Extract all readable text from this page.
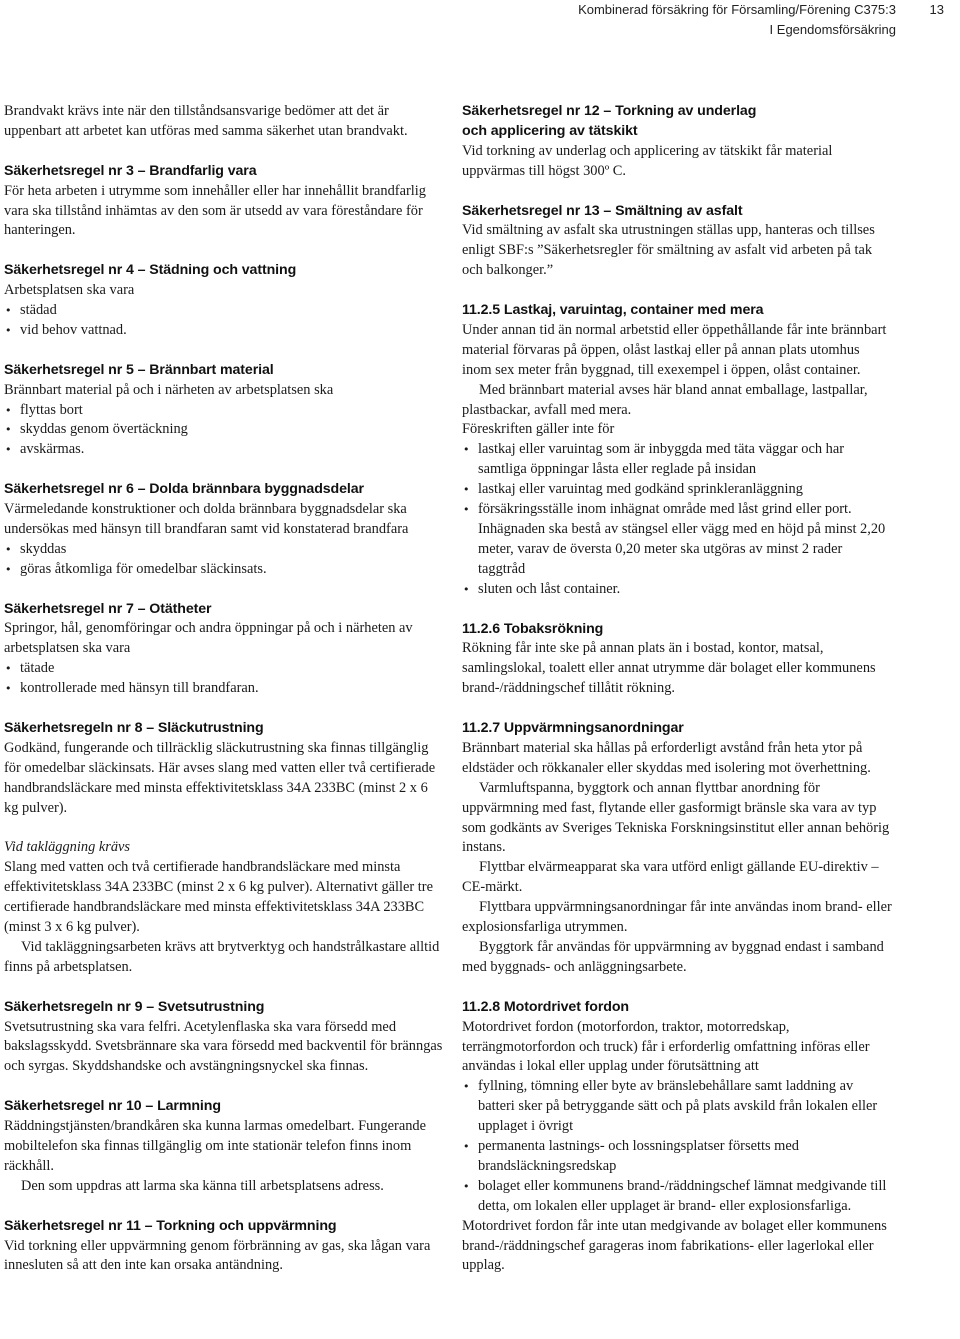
Kombinerad försäkring för Församling/Förening C375:3
I Egendomsförsäkring
13

Brandvakt krävs inte när den tillståndsansvarige bedömer att det är uppenbart att arbetet kan utföras med samma säkerhet utan brandvakt.

Säkerhetsregel nr 3 – Brandfarlig vara

För heta arbeten i utrymme som innehåller eller har innehållit brandfarlig vara ska tillstånd inhämtas av den som är utsedd av vara föreståndare för hanteringen.

Säkerhetsregel nr 4 – Städning och vattning

Arbetsplatsen ska vara

• städad
• vid behov vattnad.
Säkerhetsregel nr 5 – Brännbart material

Brännbart material på och i närheten av arbetsplatsen ska

• flyttas bort
• skyddas genom övertäckning
• avskärmas.
Säkerhetsregel nr 6 – Dolda brännbara byggnadsdelar

Värmeledande konstruktioner och dolda brännbara byggnadsdelar ska undersökas med hänsyn till brandfaran samt vid konstaterad brandfara

• skyddas
• göras åtkomliga för omedelbar släckinsats.
Säkerhetsregel nr 7 – Otätheter

Springor, hål, genomföringar och andra öppningar på och i närheten av arbetsplatsen ska vara

• tätade
• kontrollerade med hänsyn till brandfaran.
Säkerhetsregeln nr 8 – Släckutrustning

Godkänd, fungerande och tillräcklig släckutrustning ska finnas tillgänglig för omedelbar släckinsats. Här avses slang med vatten eller två certifierade handbrandsläckare med minsta effektivitetsklass 34A 233BC (minst 2 x 6 kg pulver).

Vid takläggning krävs

Slang med vatten och två certifierade handbrandsläckare med minsta effektivitetsklass 34A 233BC (minst 2 x 6 kg pulver). Alternativt gäller tre certifierade handbrandsläckare med minsta effektivitetsklass 34A 233BC (minst 3 x 6 kg pulver).

Vid takläggningsarbeten krävs att brytverktyg och handstrålkastare alltid finns på arbetsplatsen.

Säkerhetsregeln nr 9 – Svetsutrustning

Svetsutrustning ska vara felfri. Acetylenflaska ska vara försedd med bakslagsskydd. Svetsbrännare ska vara försedd med backventil för bränngas och syrgas. Skyddshandske och avstängningsnyckel ska finnas.

Säkerhetsregel nr 10 – Larmning

Räddningstjänsten/brandkåren ska kunna larmas omedelbart. Fungerande mobiltelefon ska finnas tillgänglig om inte stationär telefon finns inom räckhåll.

Den som uppdras att larma ska känna till arbetsplatsens adress.

Säkerhetsregel nr 11 – Torkning och uppvärmning

Vid torkning eller uppvärmning genom förbränning av gas, ska lågan vara innesluten så att den inte kan orsaka antändning.

Säkerhetsregel nr 12 – Torkning av underlag
och applicering av tätskikt

Vid torkning av underlag och applicering av tätskikt får material uppvärmas till högst 300º C.

Säkerhetsregel nr 13 – Smältning av asfalt

Vid smältning av asfalt ska utrustningen ställas upp, hanteras och tillses enligt SBF:s ”Säkerhetsregler för smältning av asfalt vid arbeten på tak och balkonger.”

11.2.5 Lastkaj, varuintag, container med mera

Under annan tid än normal arbetstid eller öppethållande får inte brännbart material förvaras på öppen, olåst lastkaj eller på annan plats utomhus inom sex meter från byggnad, till exexempel i öppen, olåst container.

Med brännbart material avses här bland annat emballage, lastpallar, plastbackar, avfall med mera.

Föreskriften gäller inte för

• lastkaj eller varuintag som är inbyggda med täta väggar och har samtliga öppningar låsta eller reglade på insidan
• lastkaj eller varuintag med godkänd sprinkleranläggning
• försäkringsställe inom inhägnat område med låst grind eller port. Inhägnaden ska bestå av stängsel eller vägg med en höjd på minst 2,20 meter, varav de översta 0,20 meter ska utgöras av minst 2 rader taggtråd
• sluten och låst container.
11.2.6 Tobaksrökning

Rökning får inte ske på annan plats än i bostad, kontor, matsal, samlingslokal, toalett eller annat utrymme där bolaget eller kommunens brand-/räddningschef tillåtit rökning.

11.2.7 Uppvärmningsanordningar

Brännbart material ska hållas på erforderligt avstånd från heta ytor på eldstäder och rökkanaler eller skyddas med isolering mot överhettning.

Varmluftspanna, byggtork och annan flyttbar anordning för uppvärmning med fast, flytande eller gasformigt bränsle ska vara av typ som godkänts av Sveriges Tekniska Forskningsinstitut eller annan behörig instans.

Flyttbar elvärmeapparat ska vara utförd enligt gällande EU-direktiv – CE-märkt.

Flyttbara uppvärmningsanordningar får inte användas inom brand- eller explosionsfarliga utrymmen.

Byggtork får användas för uppvärmning av byggnad endast i samband med byggnads- och anläggningsarbete.

11.2.8 Motordrivet fordon

Motordrivet fordon (motorfordon, traktor, motorredskap, terrängmotorfordon och truck) får i erforderlig omfattning införas eller användas i lokal eller upplag under förutsättning att

• fyllning, tömning eller byte av bränslebehållare samt laddning av batteri sker på betryggande sätt och på plats avskild från lokalen eller upplaget i övrigt
• permanenta lastnings- och lossningsplatser försetts med brandsläckningsredskap
• bolaget eller kommunens brand-/räddningschef lämnat medgivande till detta, om lokalen eller upplaget är brand- eller explosionsfarliga.

Motordrivet fordon får inte utan medgivande av bolaget eller kommunens brand-/räddningschef garageras inom fabrikations- eller lagerlokal eller upplag.
